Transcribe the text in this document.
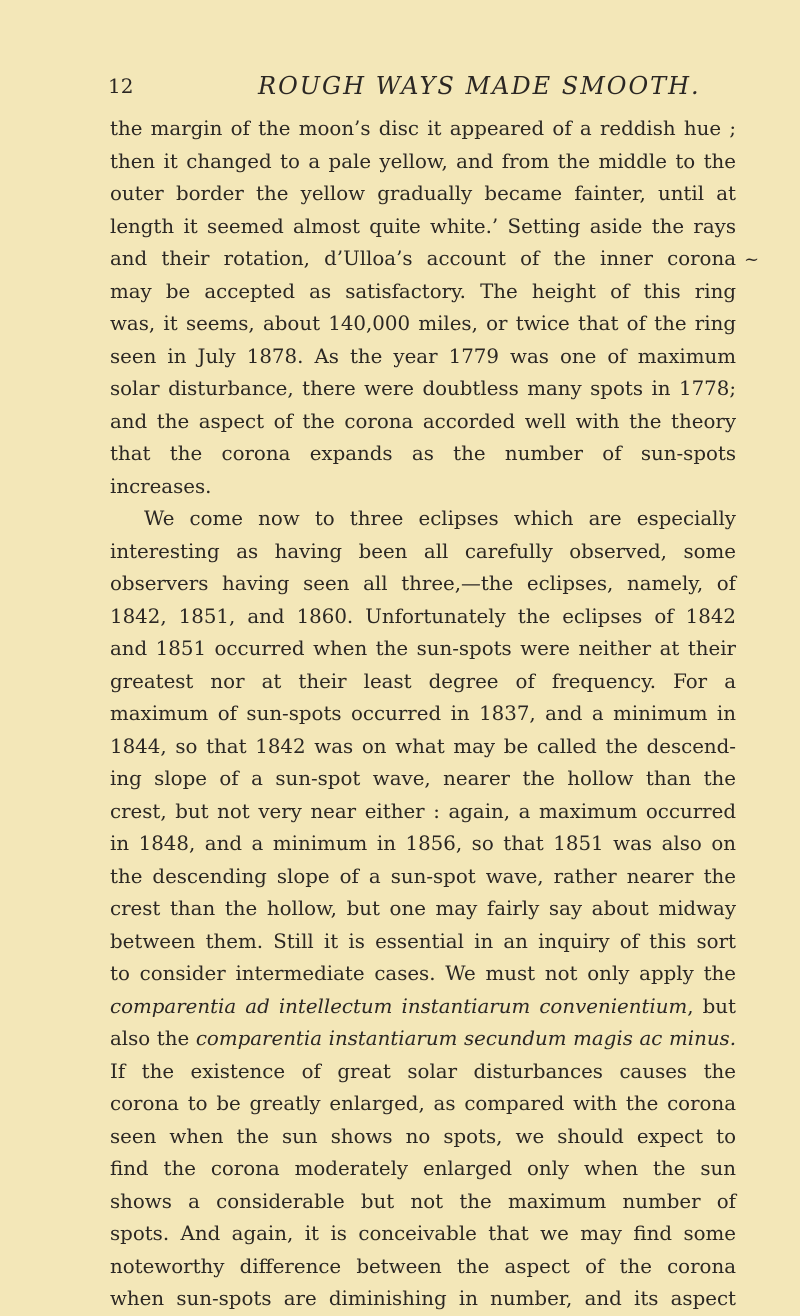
12	ROUGH WAYS MADE SMOOTH.
~
the margin of the moon’s disc it appeared of a reddish hue ;
then it changed to a pale yellow, and from the middle to the
outer border the yellow gradually became fainter, until at
length it seemed almost quite white.’ Setting aside the rays
and their rotation, d’Ulloa’s account of the inner corona
may be accepted as satisfactory. The height of this ring
was, it seems, about 140,000 miles, or twice that of the ring
seen in July 1878. As the year 1779 was one of maximum
solar disturbance, there were doubtless many spots in 1778;
and the aspect of the corona accorded well with the theory
that the corona expands as the number of sun-spots
increases.
We come now to three eclipses which are especially
interesting as having been all carefully observed, some
observers having seen all three,—the eclipses, namely, of
1842, 1851, and 1860. Unfortunately the eclipses of 1842
and 1851 occurred when the sun-spots were neither at their
greatest nor at their least degree of frequency. For a
maximum of sun-spots occurred in 1837, and a minimum in
1844, so that 1842 was on what may be called the descend-
ing slope of a sun-spot wave, nearer the hollow than the
crest, but not very near either : again, a maximum occurred
in 1848, and a minimum in 1856, so that 1851 was also on
the descending slope of a sun-spot wave, rather nearer the
crest than the hollow, but one may fairly say about midway
between them. Still it is essential in an inquiry of this sort
to consider intermediate cases. We must not only apply the
comparentia ad intellectum instantiarum convenientium, but
also the comparentia instantiarum secundum magis ac minus.
If the existence of great solar disturbances causes the
corona to be greatly enlarged, as compared with the corona
seen when the sun shows no spots, we should expect to
find the corona moderately enlarged only when the sun
shows a considerable but not the maximum number of
spots. And again, it is conceivable that we may find some
noteworthy difference between the aspect of the corona
when sun-spots are diminishing in number, and its aspect
